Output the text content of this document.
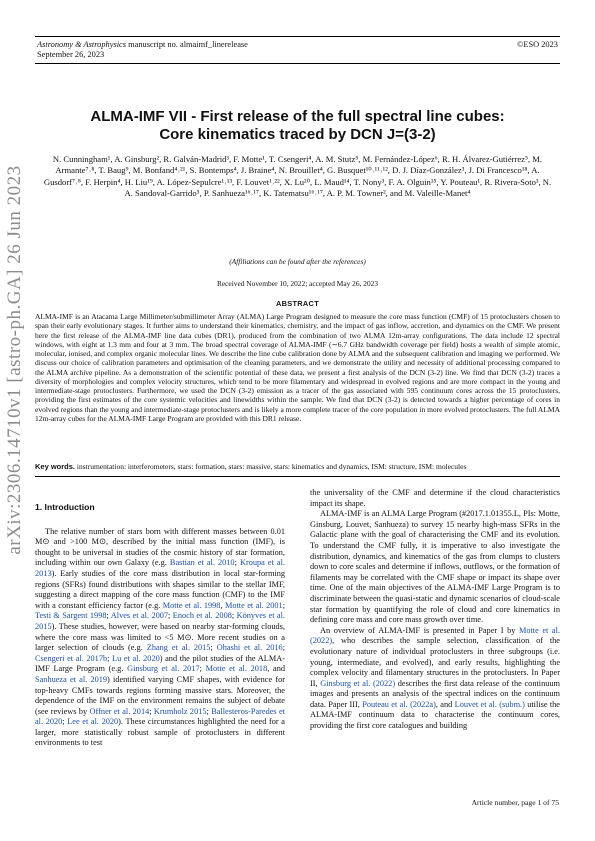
arXiv:2306.14710v1 [astro-ph.GA] 26 Jun 2023
Astronomy & Astrophysics manuscript no. almaimf_linerelease
September 26, 2023
©ESO 2023
ALMA-IMF VII - First release of the full spectral line cubes:
Core kinematics traced by DCN J=(3-2)
N. Cunningham¹, A. Ginsburg², R. Galván-Madrid³, F. Motte¹, T. Csengeri⁴, A. M. Stutz⁵, M. Fernández-López⁶, R. H. Álvarez-Gutiérrez⁵, M. Armante⁷˒⁸, T. Baug⁹, M. Bonfand⁴˒²¹, S. Bontemps⁴, J. Braine⁴, N. Brouillet⁴, G. Busquet¹⁰˒¹¹˒¹², D. J. Díaz-González³, J. Di Francesco¹⁸, A. Gusdorf⁷˒⁸, F. Herpin⁴, H. Liu¹⁹, A. López-Sepulcre¹˒¹³, F. Louvet¹˒²², X. Lu²⁰, L. Maud¹⁴, T. Nony³, F. A. Olguin¹⁵, Y. Pouteau¹, R. Rivera-Soto³, N. A. Sandoval-Garrido⁵, P. Sanhueza¹⁶˒¹⁷, K. Tatematsu¹⁶˒¹⁷, A. P. M. Towner², and M. Valeille-Manet⁴
(Affiliations can be found after the references)
Received November 10, 2022; accepted May 26, 2023
ABSTRACT
ALMA-IMF is an Atacama Large Millimeter/submillimeter Array (ALMA) Large Program designed to measure the core mass function (CMF) of 15 protoclusters chosen to span their early evolutionary stages. It further aims to understand their kinematics, chemistry, and the impact of gas inflow, accretion, and dynamics on the CMF. We present here the first release of the ALMA-IMF line data cubes (DR1), produced from the combination of two ALMA 12m-array configurations. The data include 12 spectral windows, with eight at 1.3 mm and four at 3 mm. The broad spectral coverage of ALMA-IMF (∼6.7 GHz bandwidth coverage per field) hosts a wealth of simple atomic, molecular, ionised, and complex organic molecular lines. We describe the line cube calibration done by ALMA and the subsequent calibration and imaging we performed. We discuss our choice of calibration parameters and optimisation of the cleaning parameters, and we demonstrate the utility and necessity of additional processing compared to the ALMA archive pipeline. As a demonstration of the scientific potential of these data, we present a first analysis of the DCN (3-2) line. We find that DCN (3-2) traces a diversity of morphologies and complex velocity structures, which tend to be more filamentary and widespread in evolved regions and are more compact in the young and intermediate-stage protoclusters. Furthermore, we used the DCN (3-2) emission as a tracer of the gas associated with 595 continuum cores across the 15 protoclusters, providing the first estimates of the core systemic velocities and linewidths within the sample. We find that DCN (3-2) is detected towards a higher percentage of cores in evolved regions than the young and intermediate-stage protoclusters and is likely a more complete tracer of the core population in more evolved protoclusters. The full ALMA 12m-array cubes for the ALMA-IMF Large Program are provided with this DR1 release.
Key words. instrumentation: interferometers, stars: formation, stars: massive, stars: kinematics and dynamics, ISM: structure, ISM: molecules
1. Introduction

The relative number of stars born with different masses between 0.01 M⊙ and >100 M⊙, described by the initial mass function (IMF), is thought to be universal in studies of the cosmic history of star formation, including within our own Galaxy (e.g. Bastian et al. 2010; Kroupa et al. 2013). Early studies of the core mass distribution in local star-forming regions (SFRs) found distributions with shapes similar to the stellar IMF, suggesting a direct mapping of the core mass function (CMF) to the IMF with a constant efficiency factor (e.g. Motte et al. 1998, Motte et al. 2001; Testi & Sargent 1998; Alves et al. 2007; Enoch et al. 2008; Könyves et al. 2015). These studies, however, were based on nearby star-forming clouds, where the core mass was limited to <5 M⊙. More recent studies on a larger selection of clouds (e.g. Zhang et al. 2015; Ohashi et al. 2016; Csengeri et al. 2017b; Lu et al. 2020) and the pilot studies of the ALMA-IMF Large Program (e.g. Ginsburg et al. 2017; Motte et al. 2018, and Sanhueza et al. 2019) identified varying CMF shapes, with evidence for top-heavy CMFs towards regions forming massive stars. Moreover, the dependence of the IMF on the environment remains the subject of debate (see reviews by Offner et al. 2014; Krumholz 2015; Ballesteros-Paredes et al. 2020; Lee et al. 2020). These circumstances highlighted the need for a larger, more statistically robust sample of protoclusters in different environments to test

the universality of the CMF and determine if the cloud characteristics impact its shape.

ALMA-IMF is an ALMA Large Program (#2017.1.01355.L, PIs: Motte, Ginsburg, Louvet, Sanhueza) to survey 15 nearby high-mass SFRs in the Galactic plane with the goal of characterising the CMF and its evolution. To understand the CMF fully, it is imperative to also investigate the distribution, dynamics, and kinematics of the gas from clumps to clusters down to core scales and determine if inflows, outflows, or the formation of filaments may be correlated with the CMF shape or impact its shape over time. One of the main objectives of the ALMA-IMF Large Program is to discriminate between the quasi-static and dynamic scenarios of cloud-scale star formation by quantifying the role of cloud and core kinematics in defining core mass and core mass growth over time.

An overview of ALMA-IMF is presented in Paper I by Motte et al. (2022), who describes the sample selection, classification of the evolutionary nature of individual protoclusters in three subgroups (i.e. young, intermediate, and evolved), and early results, highlighting the complex velocity and filamentary structures in the protoclusters. In Paper II, Ginsburg et al. (2022) describes the first data release of the continuum images and presents an analysis of the spectral indices on the continuum data. Paper III, Pouteau et al. (2022a), and Louvet et al. (subm.) utilise the ALMA-IMF continuum data to characterise the continuum cores, providing the first core catalogues and building

Article number, page 1 of 75
